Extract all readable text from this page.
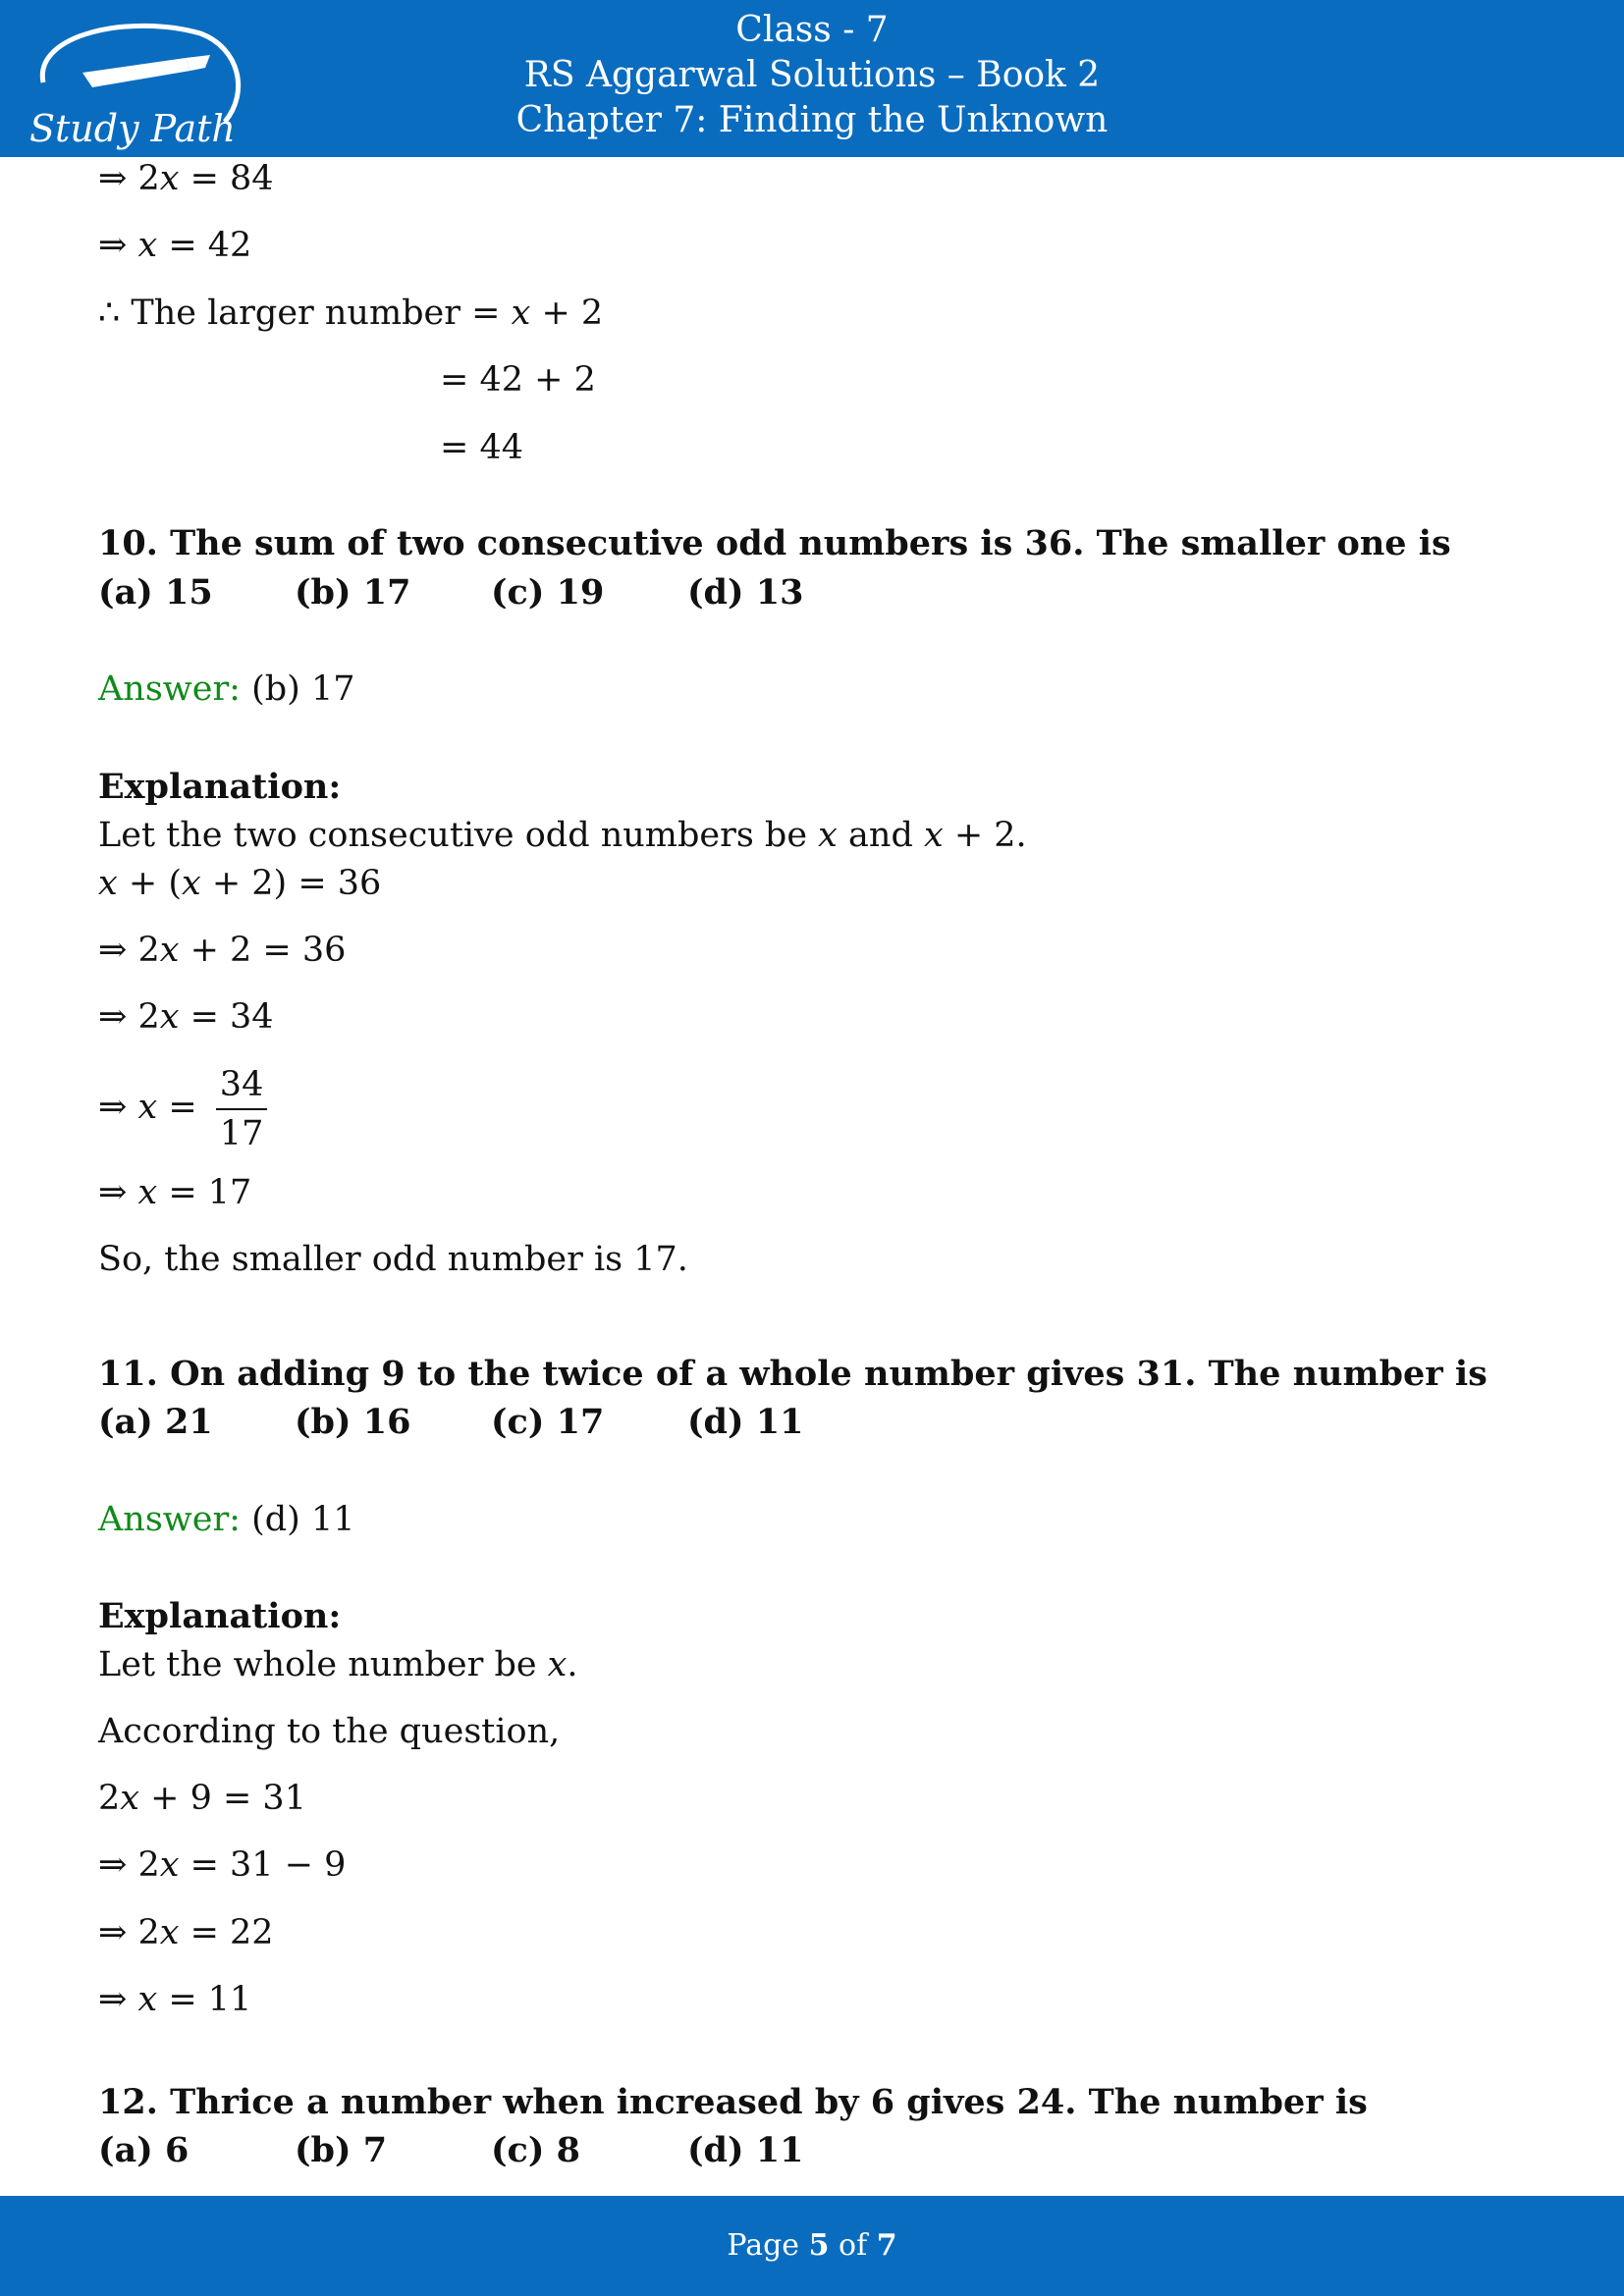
Study Path
Class - 7
RS Aggarwal Solutions – Book 2
Chapter 7: Finding the Unknown
⇒ 2𝑥 = 84
⇒ 𝑥 = 42
∴ The larger number = 𝑥 + 2
= 42 + 2
= 44
10. The sum of two consecutive odd numbers is 36. The smaller one is
(a) 15 (b) 17 (c) 19 (d) 13
Answer: (b) 17
Explanation:
Let the two consecutive odd numbers be 𝑥 and 𝑥 + 2.
𝑥 + (𝑥 + 2) = 36
⇒ 2𝑥 + 2 = 36
⇒ 2𝑥 = 34
⇒ 𝑥 = $\frac{34}{17}$
⇒ 𝑥 = 17
So, the smaller odd number is 17.
11. On adding 9 to the twice of a whole number gives 31. The number is
(a) 21 (b) 16 (c) 17 (d) 11
Answer: (d) 11
Explanation:
Let the whole number be 𝑥.
According to the question,
2𝑥 + 9 = 31
⇒ 2𝑥 = 31 − 9
⇒ 2𝑥 = 22
⇒ 𝑥 = 11
12. Thrice a number when increased by 6 gives 24. The number is
(a) 6	(b) 7	(c) 8	(d) 11
Page 5 of 7
